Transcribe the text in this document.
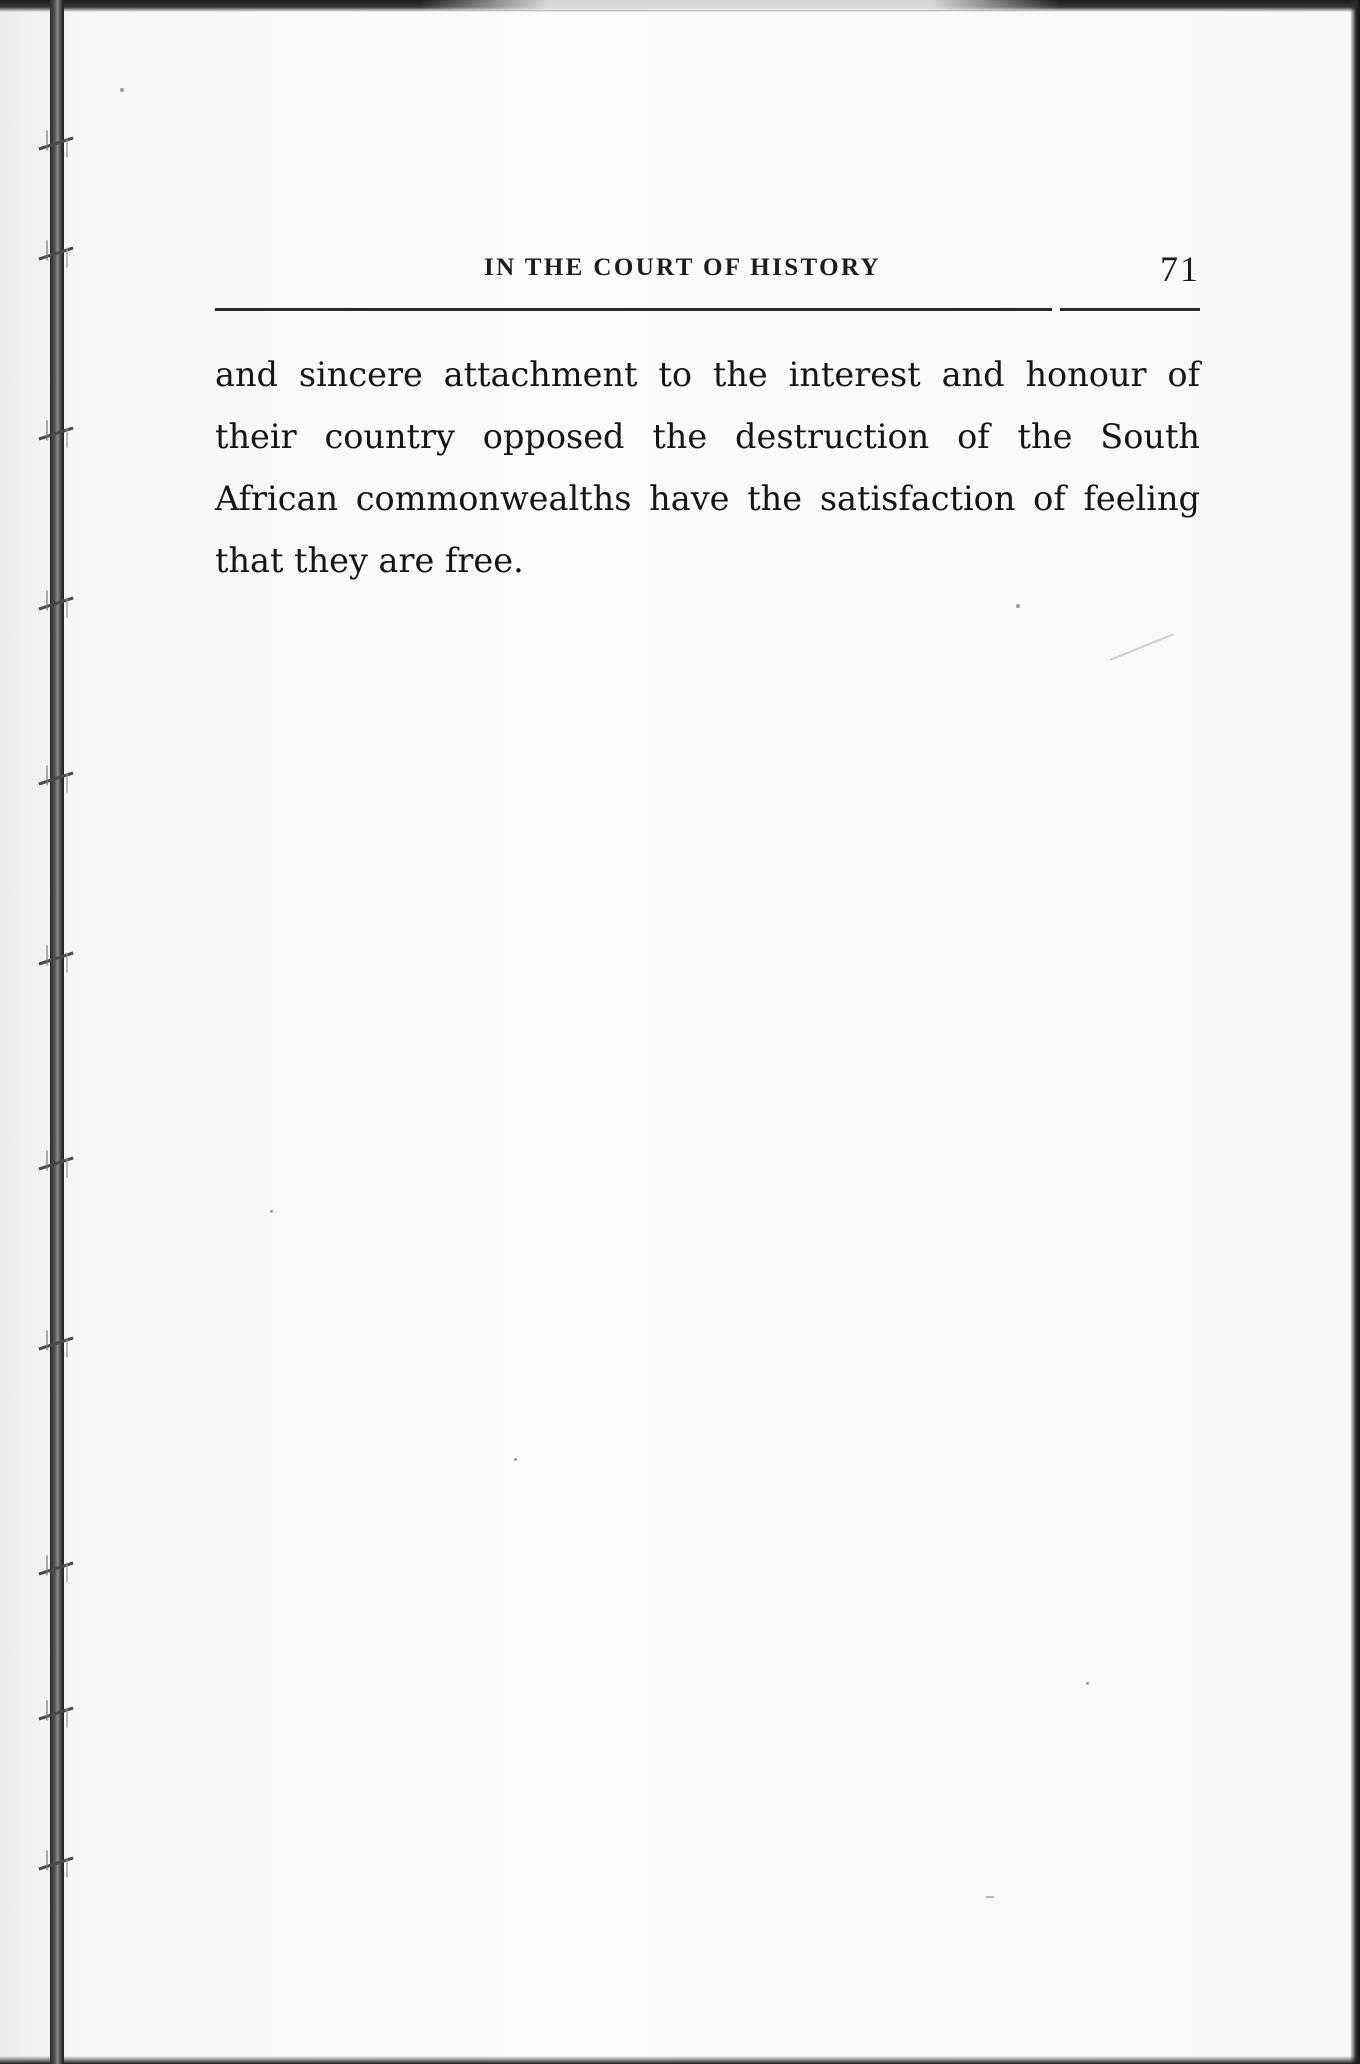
IN THE COURT OF HISTORY	71
and sincere attachment to the interest and honour of
their country opposed the destruction of the South
African commonwealths have the satisfaction of feeling
that they are free.
